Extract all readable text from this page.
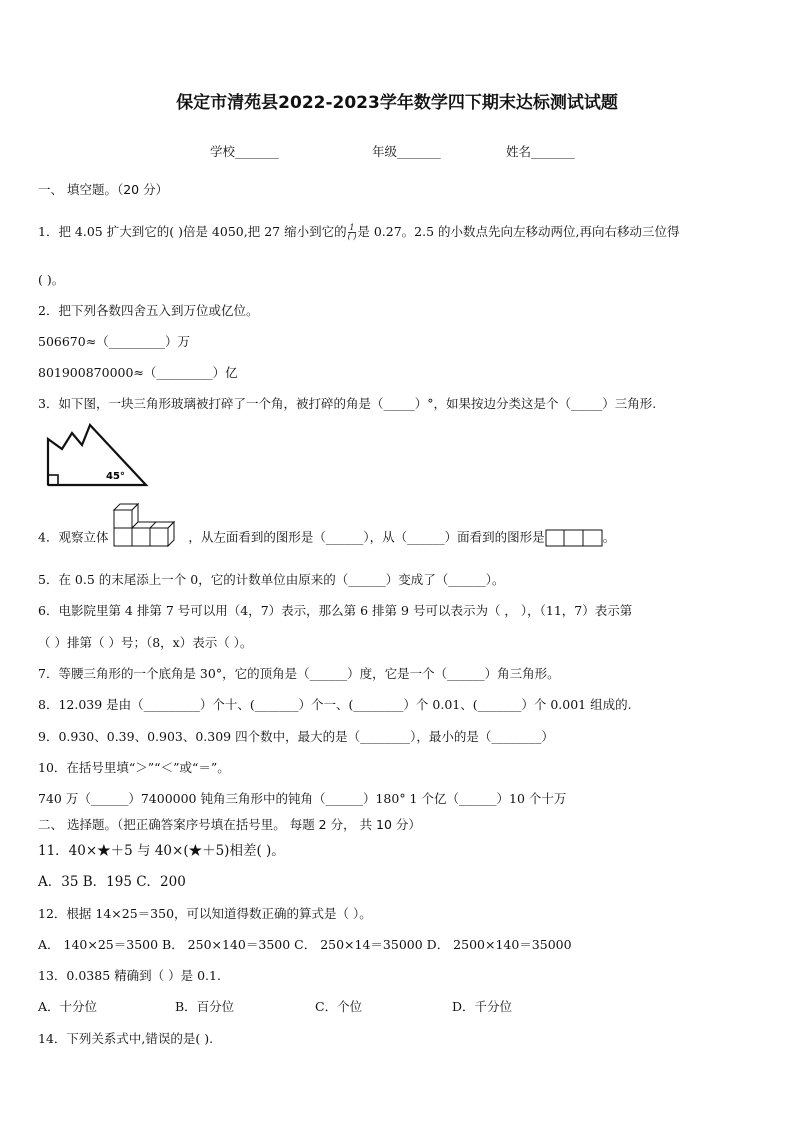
保定市清苑县2022-2023学年数学四下期末达标测试试题
学校_______	年级_______	姓名_______
一、 填空题。（20 分）
1．把 4.05 扩大到它的( )倍是 4050,把 27 缩小到它的 $\frac{1}{( )}$ 是 0.27。2.5 的小数点先向左移动两位,再向右移动三位得
( )。
2．把下列各数四舍五入到万位或亿位。
506670≈（_________）万
801900870000≈（_________）亿
3．如下图，一块三角形玻璃被打碎了一个角，被打碎的角是（_____）°，如果按边分类这是个（_____）三角形.
45°
4．观察立体	，从左面看到的图形是（______），从（______）面看到的图形是	。
5．在 0.5 的末尾添上一个 0，它的计数单位由原来的（______）变成了（______）。
6．电影院里第 4 排第 7 号可以用（4，7）表示，那么第 6 排第 9 号可以表示为（ ， ），（11，7）表示第
（ ）排第（ ）号；（8，x）表示（ ）。
7．等腰三角形的一个底角是 30°，它的顶角是（______）度，它是一个（______）角三角形。
8．12.039 是由（_________）个十、(_______）个一、(________）个 0.01、(_______）个 0.001 组成的.
9．0.930、0.39、0.903、0.309 四个数中，最大的是（________），最小的是（________）
10．在括号里填“＞”“＜”或“＝”。
740 万（______）7400000 钝角三角形中的钝角（______）180° 1 个亿（______）10 个十万
二、 选择题。（把正确答案序号填在括号里。 每题 2 分， 共 10 分）
11．40×★＋5 与 40×(★＋5)相差( )。
A．35 B．195 C．200
12．根据 14×25＝350，可以知道得数正确的算式是（ ）。
A． 140×25＝3500 B． 250×140＝3500 C． 250×14＝35000 D． 2500×140＝35000
13．0.0385 精确到（ ）是 0.1.
A．十分位	B．百分位	C．个位	D．千分位
14．下列关系式中,错误的是( ).
